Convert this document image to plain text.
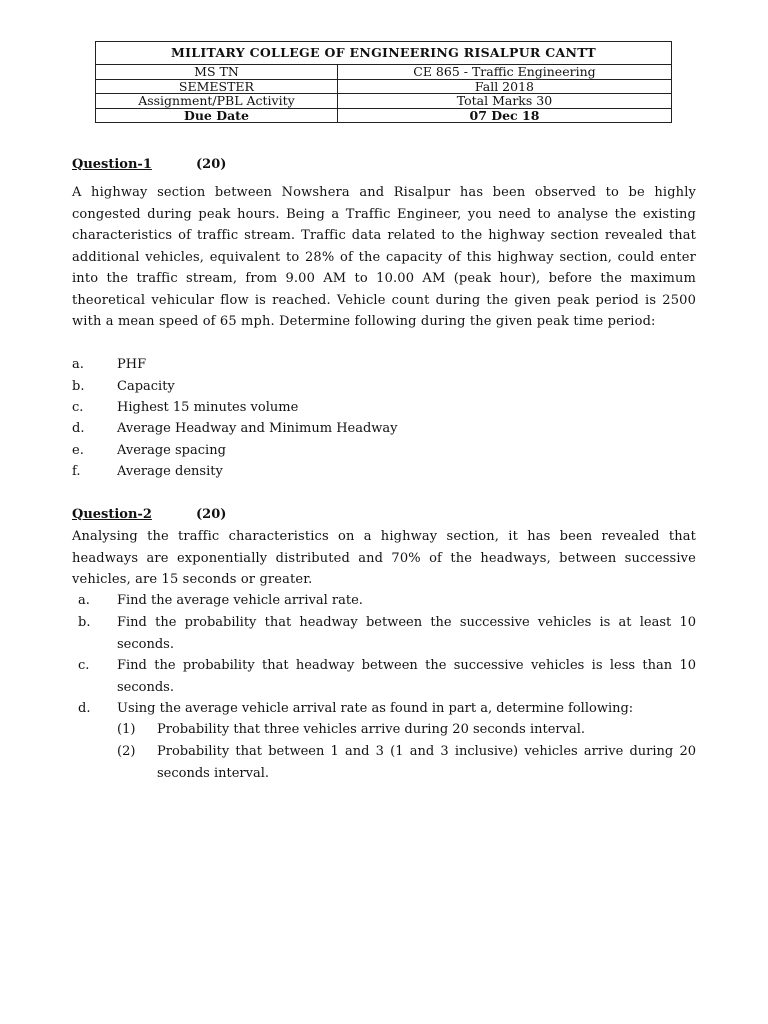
MILITARY COLLEGE OF ENGINEERING RISALPUR CANTT	
MS TN	CE 865 - Traffic Engineering
SEMESTER	Fall 2018
Assignment/PBL Activity	Total Marks 30
Due Date	07 Dec 18
Question-1	(20)
A highway section between Nowshera and Risalpur has been observed to be highly congested during peak hours. Being a Traffic Engineer, you need to analyse the existing characteristics of traffic stream. Traffic data related to the highway section revealed that additional vehicles, equivalent to 28% of the capacity of this highway section, could enter into the traffic stream, from 9.00 AM to 10.00 AM (peak hour), before the maximum theoretical vehicular flow is reached. Vehicle count during the given peak period is 2500 with a mean speed of 65 mph. Determine following during the given peak time period:
a.	PHF
b.	Capacity
c.	Highest 15 minutes volume
d.	Average Headway and Minimum Headway
e.	Average spacing
f.	Average density
Question-2	(20)
Analysing the traffic characteristics on a highway section, it has been revealed that headways are exponentially distributed and 70% of the headways, between successive vehicles, are 15 seconds or greater.
a. Find the average vehicle arrival rate.
b. Find the probability that headway between the successive vehicles is at least 10 seconds.
c. Find the probability that headway between the successive vehicles is less than 10 seconds.
d. Using the average vehicle arrival rate as found in part a, determine following:
(1) Probability that three vehicles arrive during 20 seconds interval.
(2) Probability that between 1 and 3 (1 and 3 inclusive) vehicles arrive during 20 seconds interval.
